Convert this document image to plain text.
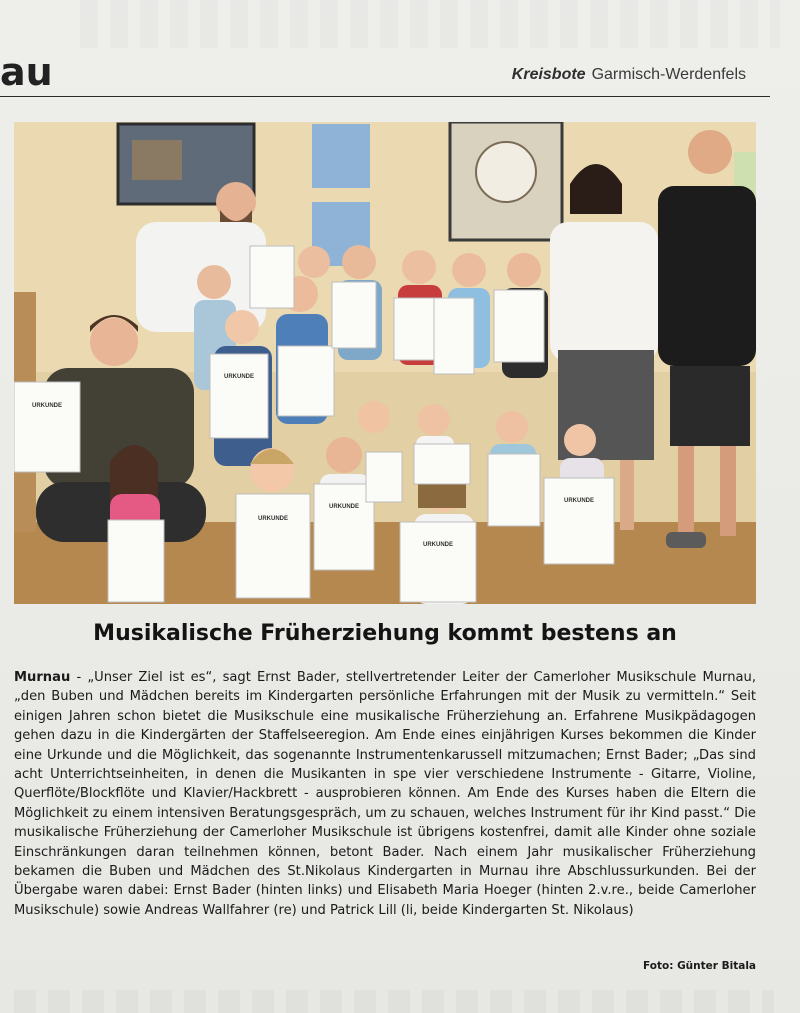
au	Kreisbote Garmisch-Werdenfels
URKUNDE
URKUNDE
URKUNDE
URKUNDE
URKUNDE
URKUNDE
Musikalische Früherziehung kommt bestens an
Murnau - „Unser Ziel ist es“, sagt Ernst Bader, stellvertretender Leiter der Camerloher Musikschule Murnau, „den Buben und Mädchen bereits im Kindergarten persönliche Erfahrungen mit der Musik zu vermitteln.“ Seit einigen Jahren schon bietet die Musikschule eine musikalische Früherziehung an. Erfahrene Musikpädagogen gehen dazu in die Kindergärten der Staffelseeregion. Am Ende eines einjährigen Kurses bekommen die Kinder eine Urkunde und die Möglichkeit, das sogenannte Instrumentenkarussell mitzumachen; Ernst Bader; „Das sind acht Unterrichtseinheiten, in denen die Musikanten in spe vier verschiedene Instrumente - Gitarre, Violine, Querflöte/Blockflöte und Klavier/Hackbrett - ausprobieren können. Am Ende des Kurses haben die Eltern die Möglichkeit zu einem intensiven Beratungsgespräch, um zu schauen, welches Instrument für ihr Kind passt.“ Die musikalische Früherziehung der Camerloher Musikschule ist übrigens kostenfrei, damit alle Kinder ohne soziale Einschränkungen daran teilnehmen können, betont Bader. Nach einem Jahr musikalischer Früherziehung bekamen die Buben und Mädchen des St.Nikolaus Kindergarten in Murnau ihre Abschlussurkunden. Bei der Übergabe waren dabei: Ernst Bader (hinten links) und Elisabeth Maria Hoeger (hinten 2.v.re., beide Camerloher Musikschule) sowie Andreas Wallfahrer (re) und Patrick Lill (li, beide Kindergarten St. Nikolaus)
Foto: Günter Bitala
